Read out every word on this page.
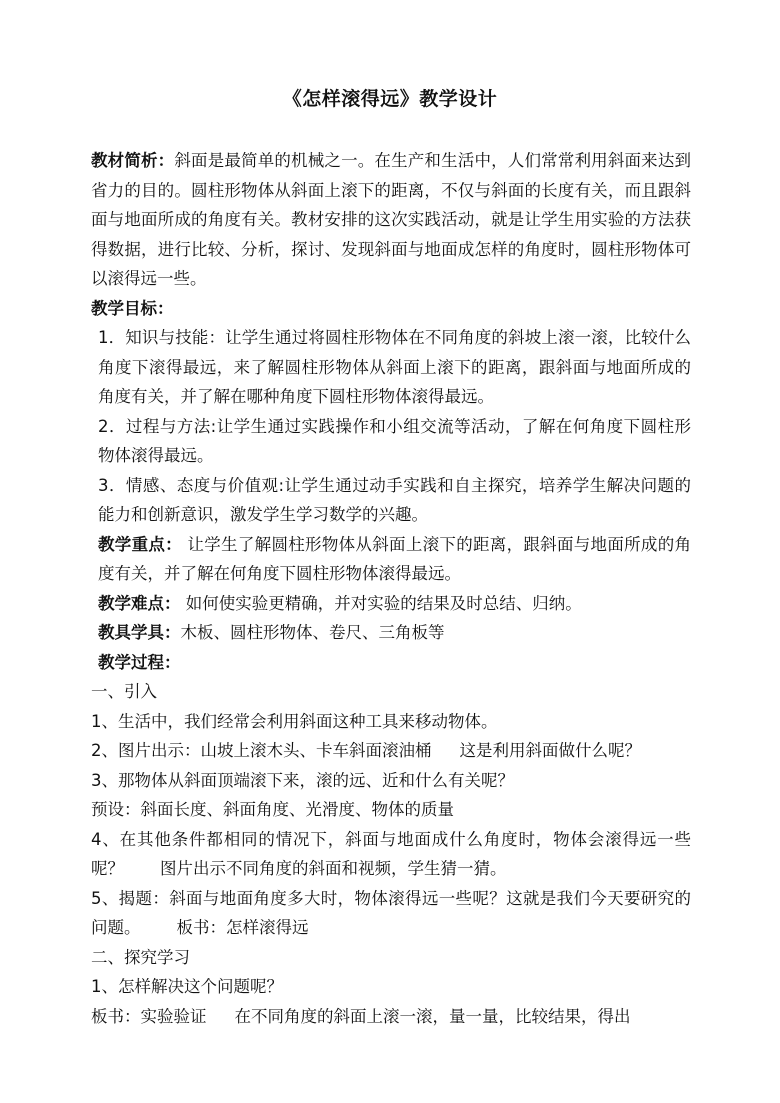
《怎样滚得远》教学设计

教材简析：斜面是最简单的机械之一。在生产和生活中，人们常常利用斜面来达到省力的目的。圆柱形物体从斜面上滚下的距离，不仅与斜面的长度有关，而且跟斜面与地面所成的角度有关。教材安排的这次实践活动，就是让学生用实验的方法获得数据，进行比较、分析，探讨、发现斜面与地面成怎样的角度时，圆柱形物体可以滚得远一些。

教学目标：

1．知识与技能：让学生通过将圆柱形物体在不同角度的斜坡上滚一滚，比较什么角度下滚得最远，来了解圆柱形物体从斜面上滚下的距离，跟斜面与地面所成的角度有关，并了解在哪种角度下圆柱形物体滚得最远。

2．过程与方法:让学生通过实践操作和小组交流等活动，了解在何角度下圆柱形物体滚得最远。

3．情感、态度与价值观:让学生通过动手实践和自主探究，培养学生解决问题的能力和创新意识，激发学生学习数学的兴趣。

教学重点： 让学生了解圆柱形物体从斜面上滚下的距离，跟斜面与地面所成的角度有关，并了解在何角度下圆柱形物体滚得最远。

教学难点： 如何使实验更精确，并对实验的结果及时总结、归纳。

教具学具：木板、圆柱形物体、卷尺、三角板等

教学过程：

一、引入

1、生活中，我们经常会利用斜面这种工具来移动物体。

2、图片出示：山坡上滚木头、卡车斜面滚油桶 这是利用斜面做什么呢？

3、那物体从斜面顶端滚下来，滚的远、近和什么有关呢？

预设：斜面长度、斜面角度、光滑度、物体的质量

4、在其他条件都相同的情况下，斜面与地面成什么角度时，物体会滚得远一些呢？ 图片出示不同角度的斜面和视频，学生猜一猜。

5、揭题：斜面与地面角度多大时，物体滚得远一些呢？这就是我们今天要研究的问题。 板书：怎样滚得远

二、探究学习

1、怎样解决这个问题呢？

板书：实验验证 在不同角度的斜面上滚一滚，量一量，比较结果，得出
